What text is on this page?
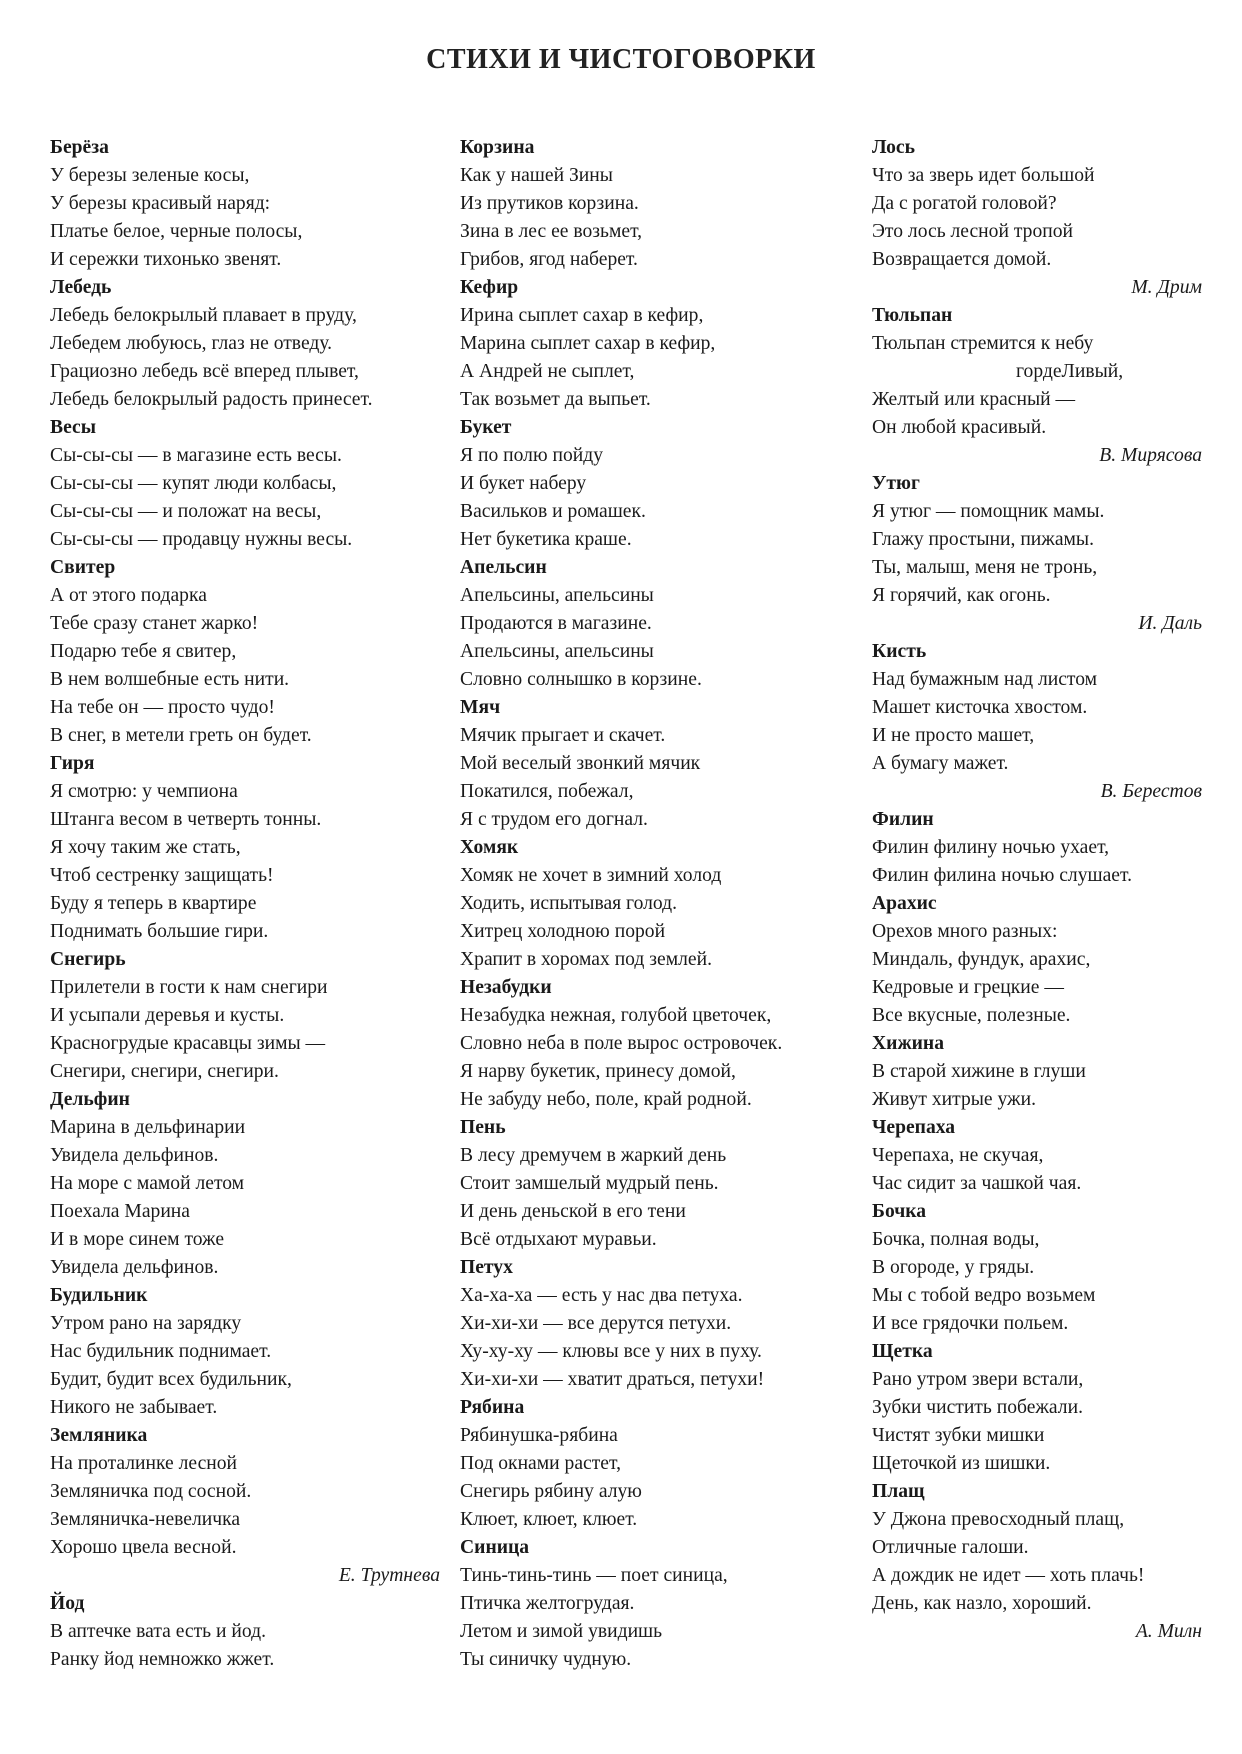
СТИХИ И ЧИСТОГОВОРКИ
Берёза
У березы зеленые косы,
У березы красивый наряд:
Платье белое, черные полосы,
И сережки тихонько звенят.
Лебедь
Лебедь белокрылый плавает в пруду,
Лебедем любуюсь, глаз не отведу.
Грациозно лебедь всё вперед плывет,
Лебедь белокрылый радость принесет.
Весы
Сы-сы-сы — в магазине есть весы.
Сы-сы-сы — купят люди колбасы,
Сы-сы-сы — и положат на весы,
Сы-сы-сы — продавцу нужны весы.
Свитер
А от этого подарка
Тебе сразу станет жарко!
Подарю тебе я свитер,
В нем волшебные есть нити.
На тебе он — просто чудо!
В снег, в метели греть он будет.
Гиря
Я смотрю: у чемпиона
Штанга весом в четверть тонны.
Я хочу таким же стать,
Чтоб сестренку защищать!
Буду я теперь в квартире
Поднимать большие гири.
Снегирь
Прилетели в гости к нам снегири
И усыпали деревья и кусты.
Красногрудые красавцы зимы —
Снегири, снегири, снегири.
Дельфин
Марина в дельфинарии
Увидела дельфинов.
На море с мамой летом
Поехала Марина
И в море синем тоже
Увидела дельфинов.
Будильник
Утром рано на зарядку
Нас будильник поднимает.
Будит, будит всех будильник,
Никого не забывает.
Земляника
На проталинке лесной
Земляничка под сосной.
Земляничка-невеличка
Хорошо цвела весной.
Е. Трутнева
Йод
В аптечке вата есть и йод.
Ранку йод немножко жжет.
Корзина
Как у нашей Зины
Из прутиков корзина.
Зина в лес ее возьмет,
Грибов, ягод наберет.
Кефир
Ирина сыплет сахар в кефир,
Марина сыплет сахар в кефир,
А Андрей не сыплет,
Так возьмет да выпьет.
Букет
Я по полю пойду
И букет наберу
Васильков и ромашек.
Нет букетика краше.
Апельсин
Апельсины, апельсины
Продаются в магазине.
Апельсины, апельсины
Словно солнышко в корзине.
Мяч
Мячик прыгает и скачет.
Мой веселый звонкий мячик
Покатился, побежал,
Я с трудом его догнал.
Хомяк
Хомяк не хочет в зимний холод
Ходить, испытывая голод.
Хитрец холодною порой
Храпит в хоромах под землей.
Незабудки
Незабудка нежная, голубой цветочек,
Словно неба в поле вырос островочек.
Я нарву букетик, принесу домой,
Не забуду небо, поле, край родной.
Пень
В лесу дремучем в жаркий день
Стоит замшелый мудрый пень.
И день деньской в его тени
Всё отдыхают муравьи.
Петух
Ха-ха-ха — есть у нас два петуха.
Хи-хи-хи — все дерутся петухи.
Ху-ху-ху — клювы все у них в пуху.
Хи-хи-хи — хватит драться, петухи!
Рябина
Рябинушка-рябина
Под окнами растет,
Снегирь рябину алую
Клюет, клюет, клюет.
Синица
Тинь-тинь-тинь — поет синица,
Птичка желтогрудая.
Летом и зимой увидишь
Ты синичку чудную.
Лось
Что за зверь идет большой
Да с рогатой головой?
Это лось лесной тропой
Возвращается домой.
М. Дрим
Тюльпан
Тюльпан стремится к небу
гордеЛивый,
Желтый или красный —
Он любой красивый.
В. Мирясова
Утюг
Я утюг — помощник мамы.
Глажу простыни, пижамы.
Ты, малыш, меня не тронь,
Я горячий, как огонь.
И. Даль
Кисть
Над бумажным над листом
Машет кисточка хвостом.
И не просто машет,
А бумагу мажет.
В. Берестов
Филин
Филин филину ночью ухает,
Филин филина ночью слушает.
Арахис
Орехов много разных:
Миндаль, фундук, арахис,
Кедровые и грецкие —
Все вкусные, полезные.
Хижина
В старой хижине в глуши
Живут хитрые ужи.
Черепаха
Черепаха, не скучая,
Час сидит за чашкой чая.
Бочка
Бочка, полная воды,
В огороде, у гряды.
Мы с тобой ведро возьмем
И все грядочки польем.
Щетка
Рано утром звери встали,
Зубки чистить побежали.
Чистят зубки мишки
Щеточкой из шишки.
Плащ
У Джона превосходный плащ,
Отличные галоши.
А дождик не идет — хоть плачь!
День, как назло, хороший.
А. Милн
